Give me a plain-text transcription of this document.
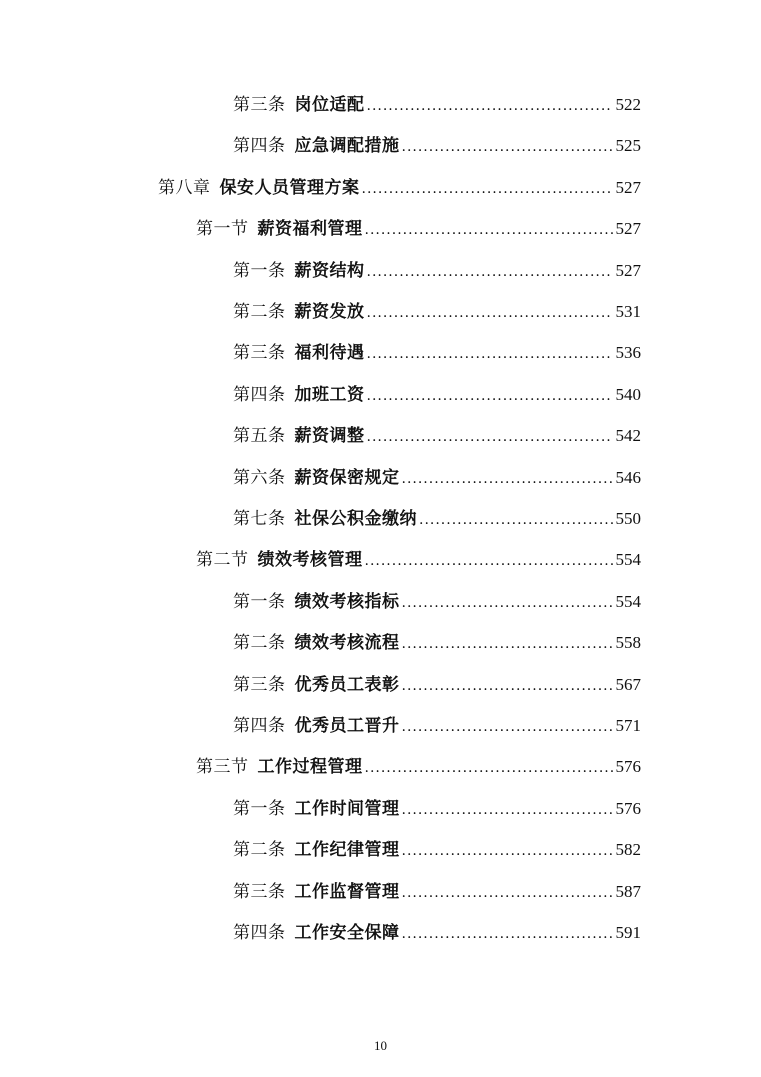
第三条 岗位适配 .....	522
第四条 应急调配措施 .....	525
第八章 保安人员管理方案 .....	527
第一节 薪资福利管理 .....	527
第一条 薪资结构 .....	527
第二条 薪资发放 .....	531
第三条 福利待遇 .....	536
第四条 加班工资 .....	540
第五条 薪资调整 .....	542
第六条 薪资保密规定 .....	546
第七条 社保公积金缴纳 .....	550
第二节 绩效考核管理 .....	554
第一条 绩效考核指标 .....	554
第二条 绩效考核流程 .....	558
第三条 优秀员工表彰 .....	567
第四条 优秀员工晋升 .....	571
第三节 工作过程管理 .....	576
第一条 工作时间管理 .....	576
第二条 工作纪律管理 .....	582
第三条 工作监督管理 .....	587
第四条 工作安全保障 .....	591
10
